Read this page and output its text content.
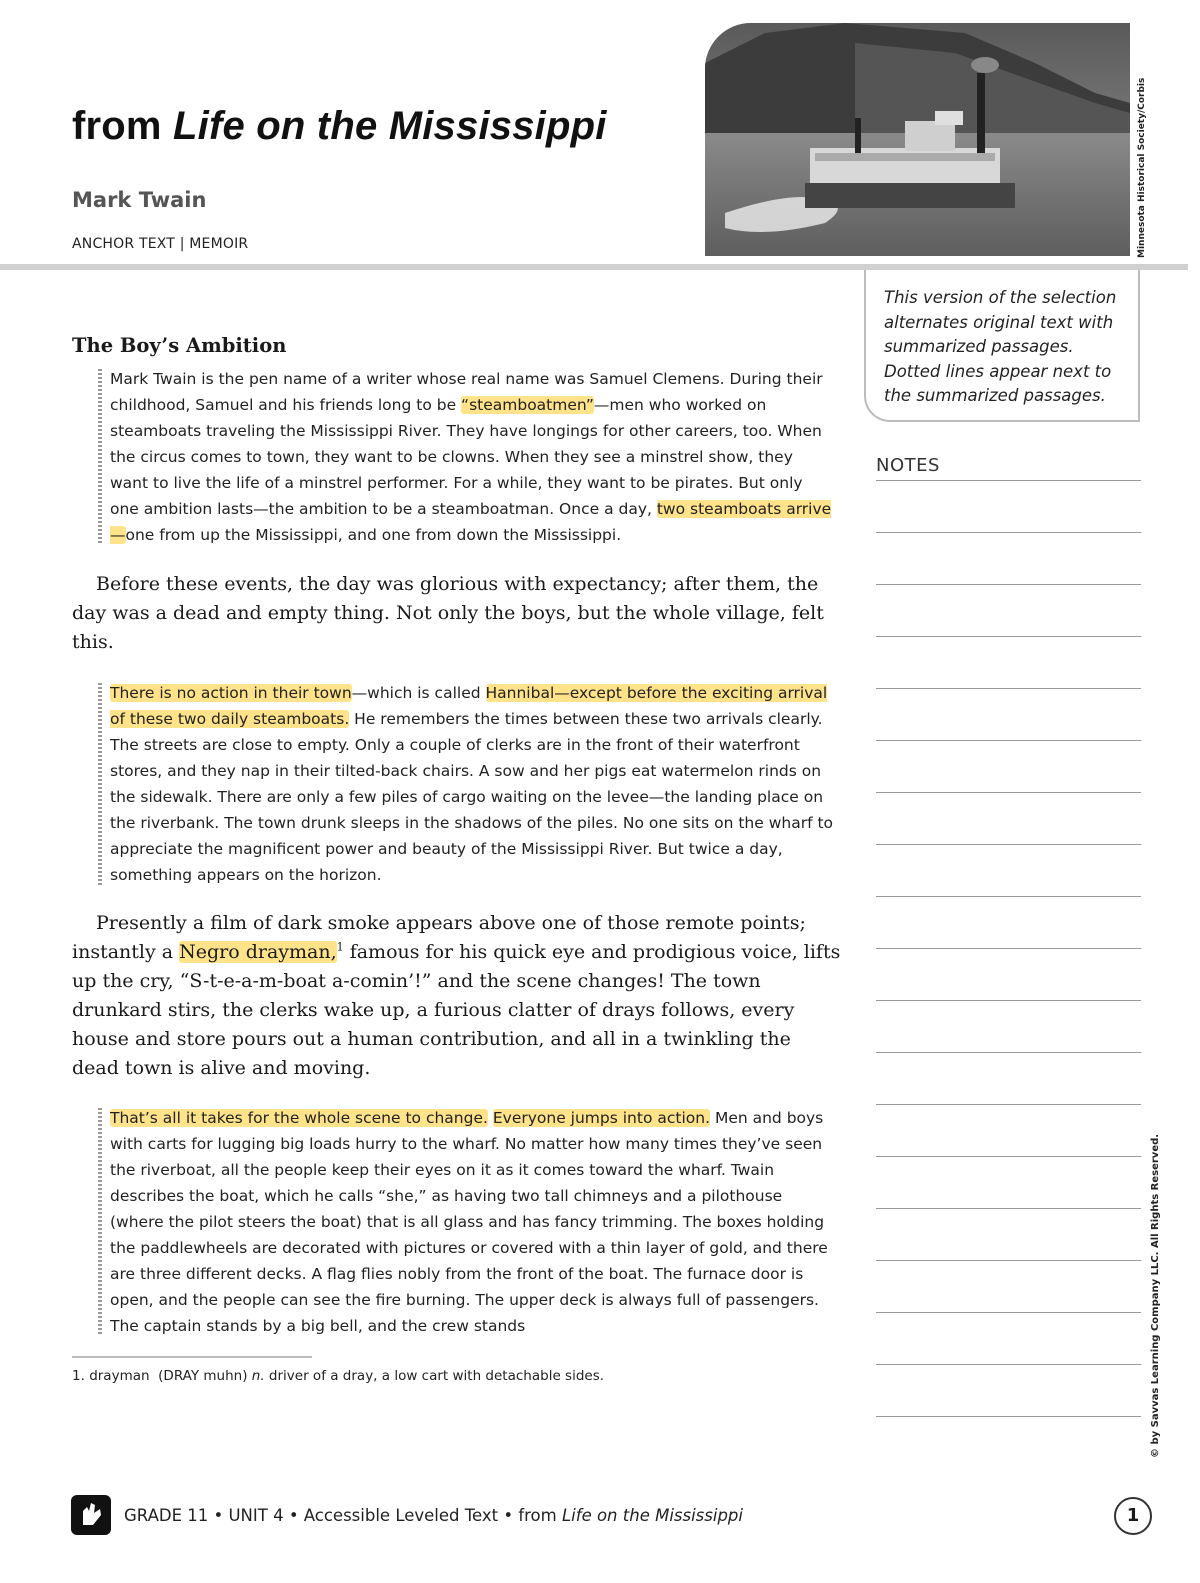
from Life on the Mississippi
Mark Twain
ANCHOR TEXT | MEMOIR	Minnesota Historical Society/Corbis
This version of the selection alternates original text with summarized passages. Dotted lines appear next to the summarized passages.
NOTES
The Boy’s Ambition
Mark Twain is the pen name of a writer whose real name was Samuel Clemens. During their childhood, Samuel and his friends long to be “steamboatmen”—men who worked on steamboats traveling the Mississippi River. They have longings for other careers, too. When the circus comes to town, they want to be clowns. When they see a minstrel show, they want to live the life of a minstrel performer. For a while, they want to be pirates. But only one ambition lasts—the ambition to be a steamboatman. Once a day, two steamboats arrive—one from up the Mississippi, and one from down the Mississippi.
Before these events, the day was glorious with expectancy; after them, the day was a dead and empty thing. Not only the boys, but the whole village, felt this.
There is no action in their town—which is called Hannibal—except before the exciting arrival of these two daily steamboats. He remembers the times between these two arrivals clearly. The streets are close to empty. Only a couple of clerks are in the front of their waterfront stores, and they nap in their tilted-back chairs. A sow and her pigs eat watermelon rinds on the sidewalk. There are only a few piles of cargo waiting on the levee—the landing place on the riverbank. The town drunk sleeps in the shadows of the piles. No one sits on the wharf to appreciate the magnificent power and beauty of the Mississippi River. But twice a day, something appears on the horizon.
Presently a film of dark smoke appears above one of those remote points; instantly a Negro drayman,$^1$ famous for his quick eye and prodigious voice, lifts up the cry, “S-t-e-a-m-boat a-comin’!” and the scene changes! The town drunkard stirs, the clerks wake up, a furious clatter of drays follows, every house and store pours out a human contribution, and all in a twinkling the dead town is alive and moving.
That’s all it takes for the whole scene to change. Everyone jumps into action. Men and boys with carts for lugging big loads hurry to the wharf. No matter how many times they’ve seen the riverboat, all the people keep their eyes on it as it comes toward the wharf. Twain describes the boat, which he calls “she,” as having two tall chimneys and a pilothouse (where the pilot steers the boat) that is all glass and has fancy trimming. The boxes holding the paddlewheels are decorated with pictures or covered with a thin layer of gold, and there are three different decks. A flag flies nobly from the front of the boat. The furnace door is open, and the people can see the fire burning. The upper deck is always full of passengers. The captain stands by a big bell, and the crew stands
1. drayman (DRAY muhn) n. driver of a dray, a low cart with detachable sides.
GRADE 11 • UNIT 4 • Accessible Leveled Text • from Life on the Mississippi	1
© by Savvas Learning Company LLC. All Rights Reserved.
